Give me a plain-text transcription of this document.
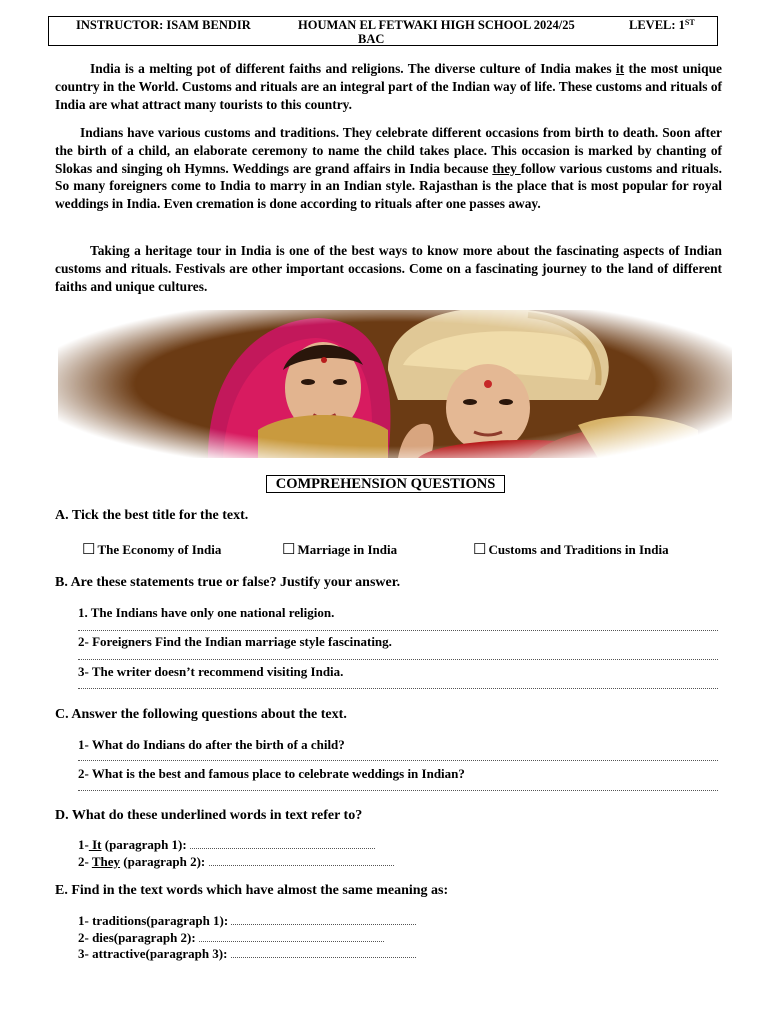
INSTRUCTOR: ISAM BENDIR	HOUMAN EL FETWAKI HIGH SCHOOL 2024/25	LEVEL: 1ST
BAC

India is a melting pot of different faiths and religions. The diverse culture of India makes it the most unique country in the World. Customs and rituals are an integral part of the Indian way of life. These customs and rituals of India are what attract many tourists to this country.

Indians have various customs and traditions. They celebrate different occasions from birth to death. Soon after the birth of a child, an elaborate ceremony to name the child takes place. This occasion is marked by chanting of Slokas and singing oh Hymns. Weddings are grand affairs in India because they follow various customs and rituals. So many foreigners come to India to marry in an Indian style. Rajasthan is the place that is most popular for royal weddings in India. Even cremation is done according to rituals after one passes away.

Taking a heritage tour in India is one of the best ways to know more about the fascinating aspects of Indian customs and rituals. Festivals are other important occasions. Come on a fascinating journey to the land of different faiths and unique cultures.

COMPREHENSION QUESTIONS
A. Tick the best title for the text.
☐ The Economy of India	☐ Marriage in India	☐ Customs and Traditions in India
B. Are these statements true or false? Justify your answer.
1. The Indians have only one national religion.
2- Foreigners Find the Indian marriage style fascinating.
3- The writer doesn’t recommend visiting India.
C. Answer the following questions about the text.
1- What do Indians do after the birth of a child?
2- What is the best and famous place to celebrate weddings in Indian?
D. What do these underlined words in text refer to?
1- It (paragraph 1):
2- They (paragraph 2):
E. Find in the text words which have almost the same meaning as:
1- traditions(paragraph 1):
2- dies(paragraph 2):
3- attractive(paragraph 3):
